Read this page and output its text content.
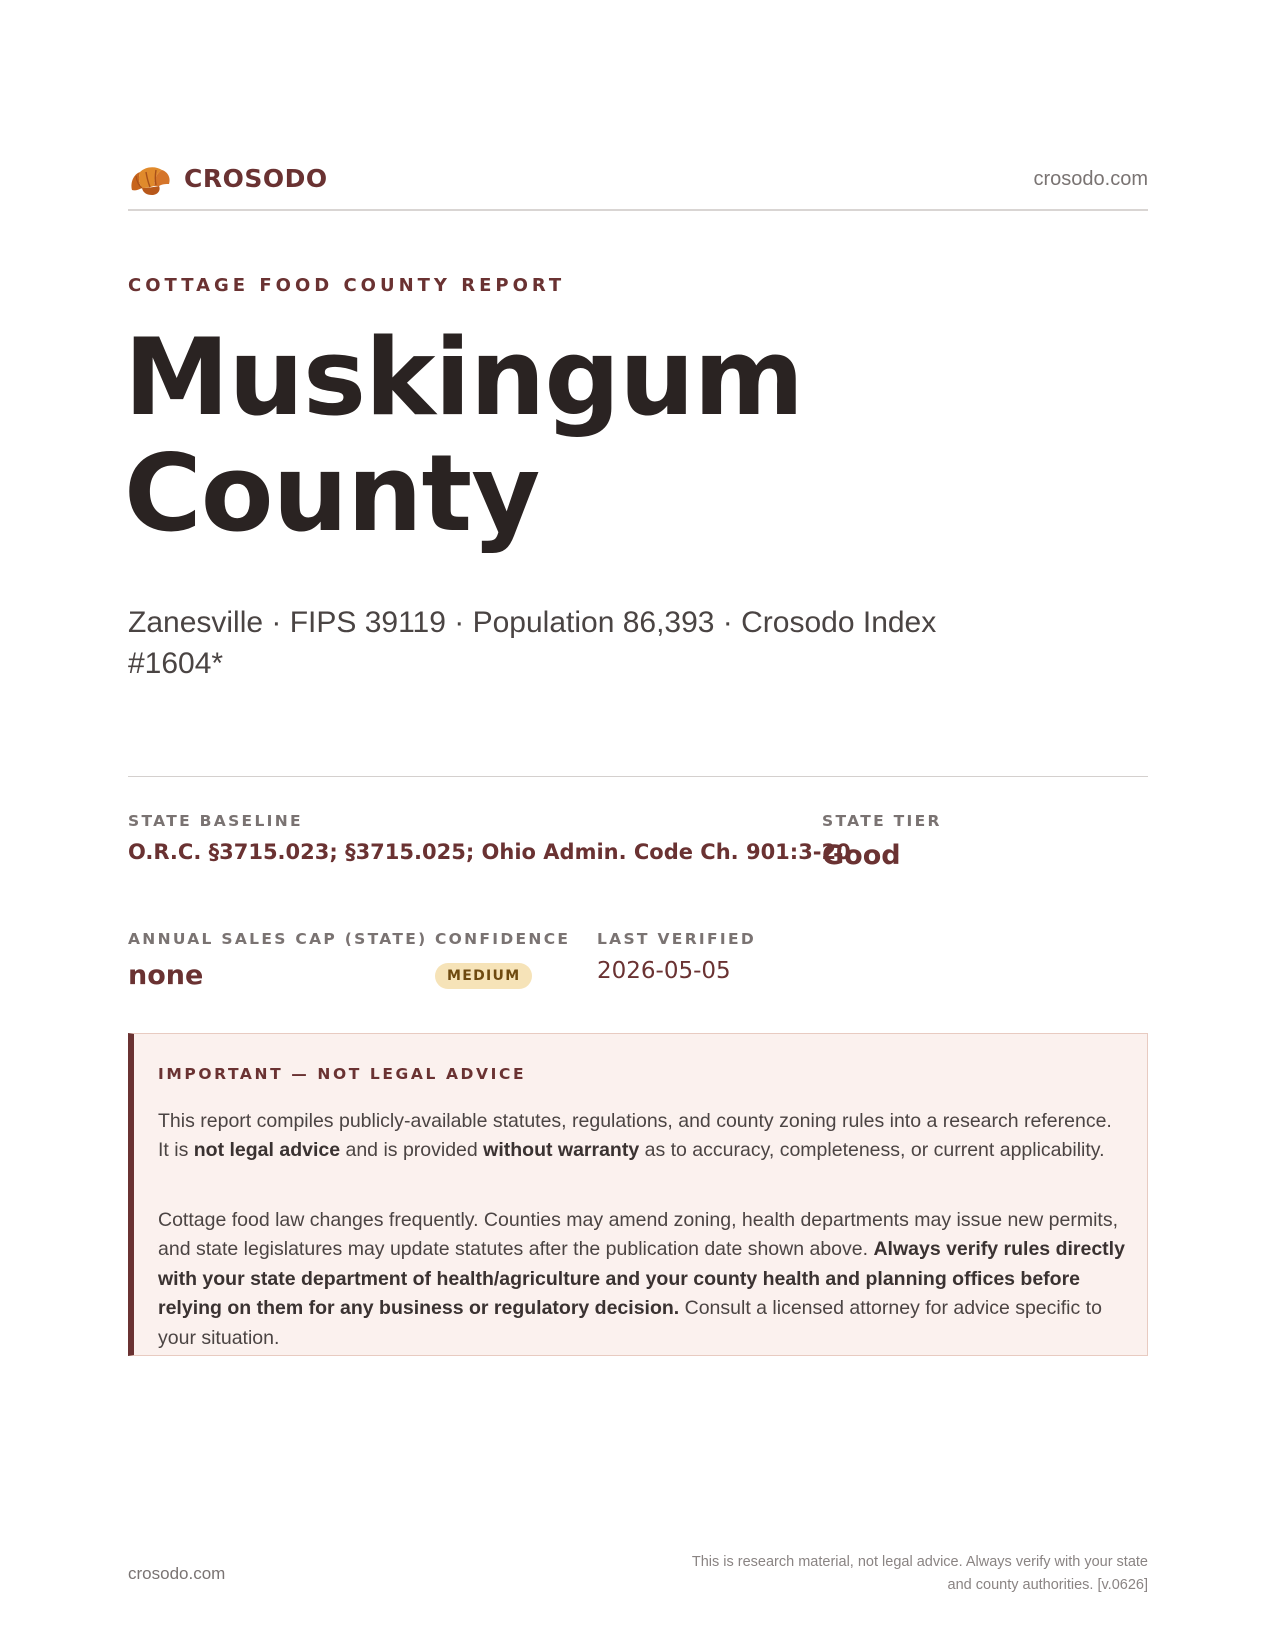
CROSODO	crosodo.com
COTTAGE FOOD COUNTY REPORT
Muskingum
County
Zanesville · FIPS 39119 · Population 86,393 · Crosodo Index #1604*
STATE BASELINE
O.R.C. §3715.023; §3715.025; Ohio Admin. Code Ch. 901:3-20
STATE TIER
Good
ANNUAL SALES CAP (STATE)
none
CONFIDENCE
MEDIUM
LAST VERIFIED
2026-05-05
IMPORTANT — NOT LEGAL ADVICE

This report compiles publicly-available statutes, regulations, and county zoning rules into a research reference. It is not legal advice and is provided without warranty as to accuracy, completeness, or current applicability.

Cottage food law changes frequently. Counties may amend zoning, health departments may issue new permits, and state legislatures may update statutes after the publication date shown above. Always verify rules directly with your state department of health/agriculture and your county health and planning offices before relying on them for any business or regulatory decision. Consult a licensed attorney for advice specific to your situation.

crosodo.com
This is research material, not legal advice. Always verify with your state
and county authorities. [v.0626]
